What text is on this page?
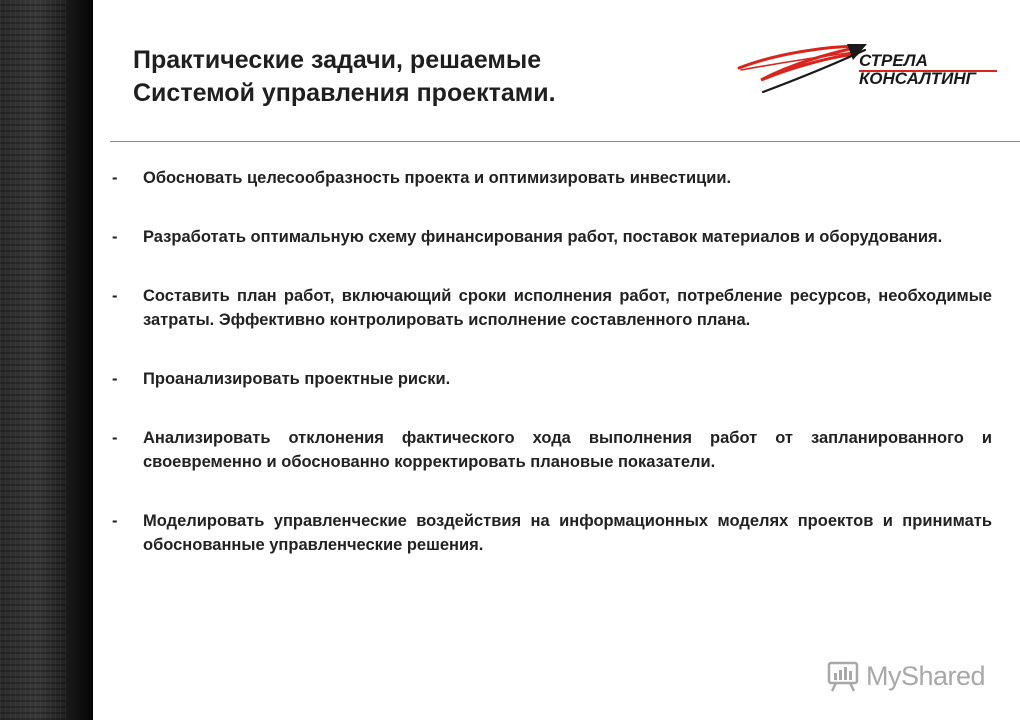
Практические задачи, решаемые
Системой управления проектами.
СТРЕЛА
КОНСАЛТИНГ
-	Обосновать целесообразность проекта и оптимизировать инвестиции.
-	Разработать оптимальную схему финансирования работ, поставок материалов и оборудования.
-	Составить план работ, включающий сроки исполнения работ, потребление ресурсов, необходимые затраты. Эффективно контролировать исполнение составленного плана.
-	Проанализировать проектные риски.
-	Анализировать отклонения фактического хода выполнения работ от запланированного и своевременно и обоснованно корректировать плановые показатели.
-	Моделировать управленческие воздействия на информационных моделях проектов и принимать обоснованные управленческие решения.
MyShared
